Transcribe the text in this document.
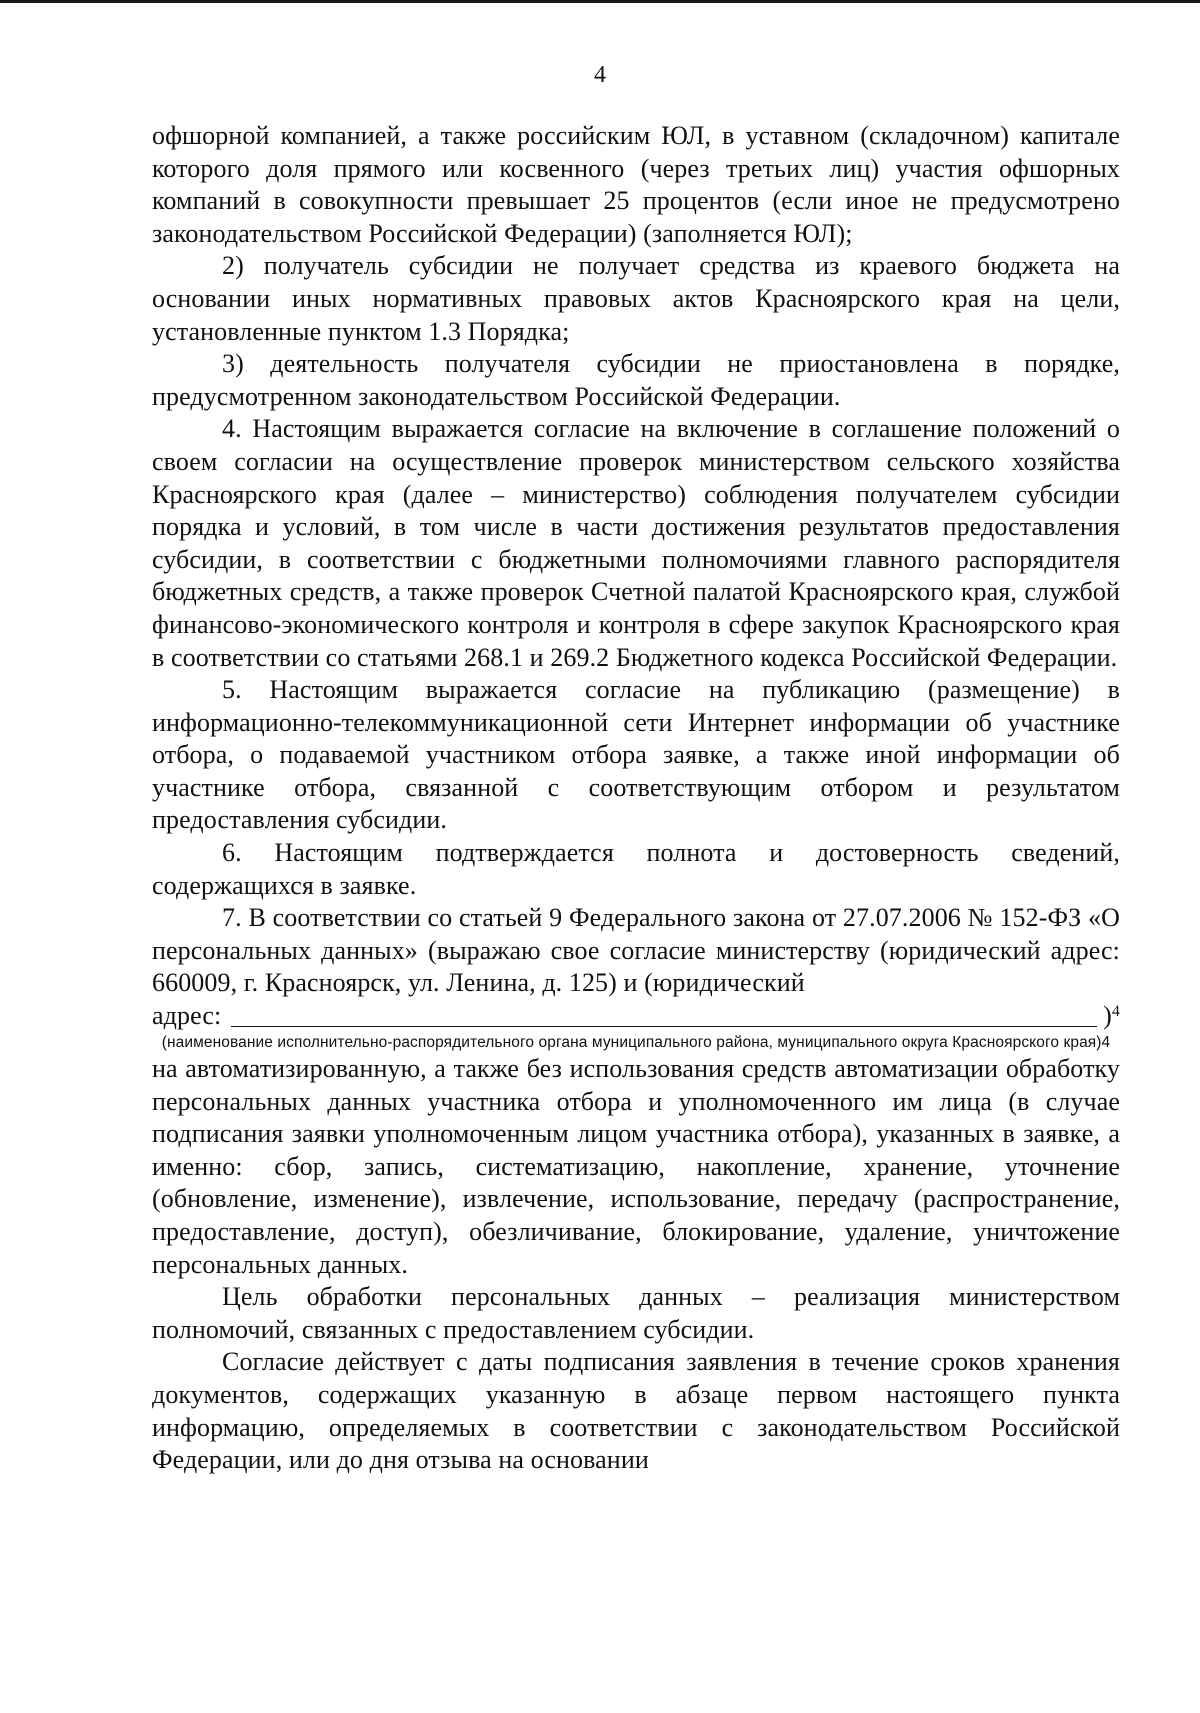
4

офшорной компанией, а также российским ЮЛ, в уставном (складочном) капитале которого доля прямого или косвенного (через третьих лиц) участия офшорных компаний в совокупности превышает 25 процентов (если иное не предусмотрено законодательством Российской Федерации) (заполняется ЮЛ);

2) получатель субсидии не получает средства из краевого бюджета на основании иных нормативных правовых актов Красноярского края на цели, установленные пунктом 1.3 Порядка;

3) деятельность получателя субсидии не приостановлена в порядке, предусмотренном законодательством Российской Федерации.

4. Настоящим выражается согласие на включение в соглашение положений о своем согласии на осуществление проверок министерством сельского хозяйства Красноярского края (далее – министерство) соблюдения получателем субсидии порядка и условий, в том числе в части достижения результатов предоставления субсидии, в соответствии с бюджетными полномочиями главного распорядителя бюджетных средств, а также проверок Счетной палатой Красноярского края, службой финансово-экономического контроля и контроля в сфере закупок Красноярского края в соответствии со статьями 268.1 и 269.2 Бюджетного кодекса Российской Федерации.

5. Настоящим выражается согласие на публикацию (размещение) в информационно-телекоммуникационной сети Интернет информации об участнике отбора, о подаваемой участником отбора заявке, а также иной информации об участнике отбора, связанной с соответствующим отбором и результатом предоставления субсидии.

6. Настоящим подтверждается полнота и достоверность сведений, содержащихся в заявке.

7. В соответствии со статьей 9 Федерального закона от 27.07.2006 № 152-ФЗ «О персональных данных» (выражаю свое согласие министерству (юридический адрес: 660009, г. Красноярск, ул. Ленина, д. 125) и (юридический

адрес:	) 4

(наименование исполнительно-распорядительного органа муниципального района, муниципального округа Красноярского края)4

на автоматизированную, а также без использования средств автоматизации обработку персональных данных участника отбора и уполномоченного им лица (в случае подписания заявки уполномоченным лицом участника отбора), указанных в заявке, а именно: сбор, запись, систематизацию, накопление, хранение, уточнение (обновление, изменение), извлечение, использование, передачу (распространение, предоставление, доступ), обезличивание, блокирование, удаление, уничтожение персональных данных.

Цель обработки персональных данных – реализация министерством полномочий, связанных с предоставлением субсидии.

Согласие действует с даты подписания заявления в течение сроков хранения документов, содержащих указанную в абзаце первом настоящего пункта информацию, определяемых в соответствии с законодательством Российской Федерации, или до дня отзыва на основании
